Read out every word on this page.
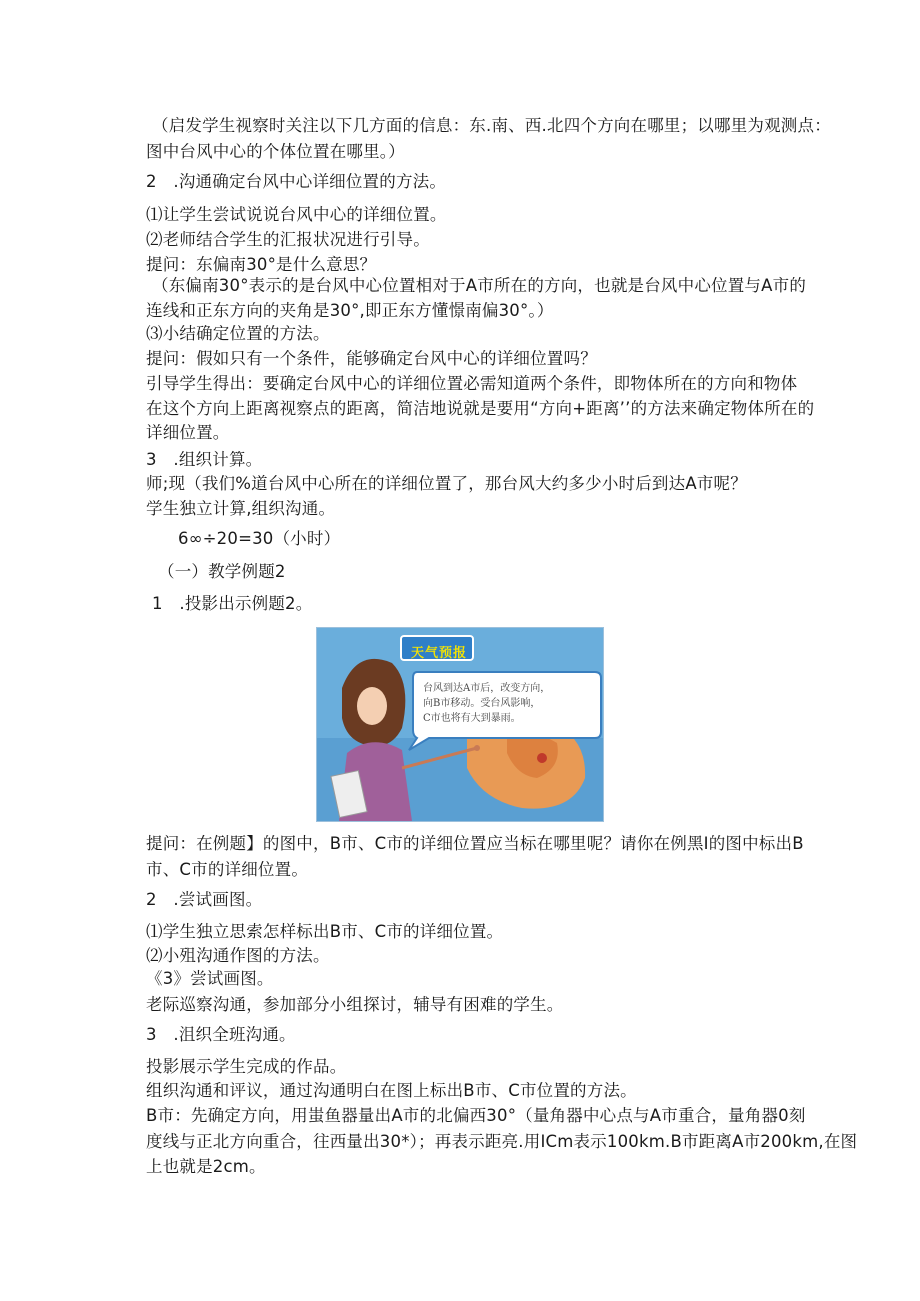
（启发学生视察时关注以下几方面的信息：东.南、西.北四个方向在哪里；以哪里为观测点：
图中台风中心的个体位置在哪里。）
2　.沟通确定台风中心详细位置的方法。
⑴让学生尝试说说台风中心的详细位置。
⑵老师结合学生的汇报状况进行引导。
提问：东偏南30°是什么意思？
（东偏南30°表示的是台风中心位置相对于A市所在的方向，也就是台风中心位置与A市的
连线和正东方向的夹角是30°,即正东方懂憬南偏30°。）
⑶小结确定位置的方法。
提问：假如只有一个条件，能够确定台风中心的详细位置吗？
引导学生得出：要确定台风中心的详细位置必需知道两个条件，即物体所在的方向和物体
在这个方向上距离视察点的距离，简洁地说就是要用“方向+距离’’的方法来确定物体所在的
详细位置。
3　.组织计算。
师;现（我们%道台风中心所在的详细位置了，那台风大约多少小时后到达A市呢？
学生独立计算,组织沟通。
6∞÷20=30（小时）
（一）教学例题2
1　.投影出示例题2。
天气预报
台风到达A市后，改变方向，
向B市移动。受台风影响，
C市也将有大到暴雨。
提问：在例题】的图中，B市、C市的详细位置应当标在哪里呢？请你在例黑I的图中标出B
市、C市的详细位置。
2　.尝试画图。
⑴学生独立思索怎样标出B市、C市的详细位置。
⑵小殂沟通作图的方法。
《3》尝试画图。
老际巡察沟通，参加部分小组探讨，辅导有困难的学生。
3　.沮织全班沟通。
投影展示学生完成的作品。
组织沟通和评议，通过沟通明白在图上标出B市、C市位置的方法。
B市：先确定方向，用蚩鱼器量出A市的北偏西30°（量角器中心点与A市重合，量角器0刻
度线与正北方向重合，往西量出30*）；再表示距亮.用ICm表示100km.B市距离A市200km,在图
上也就是2cm。
